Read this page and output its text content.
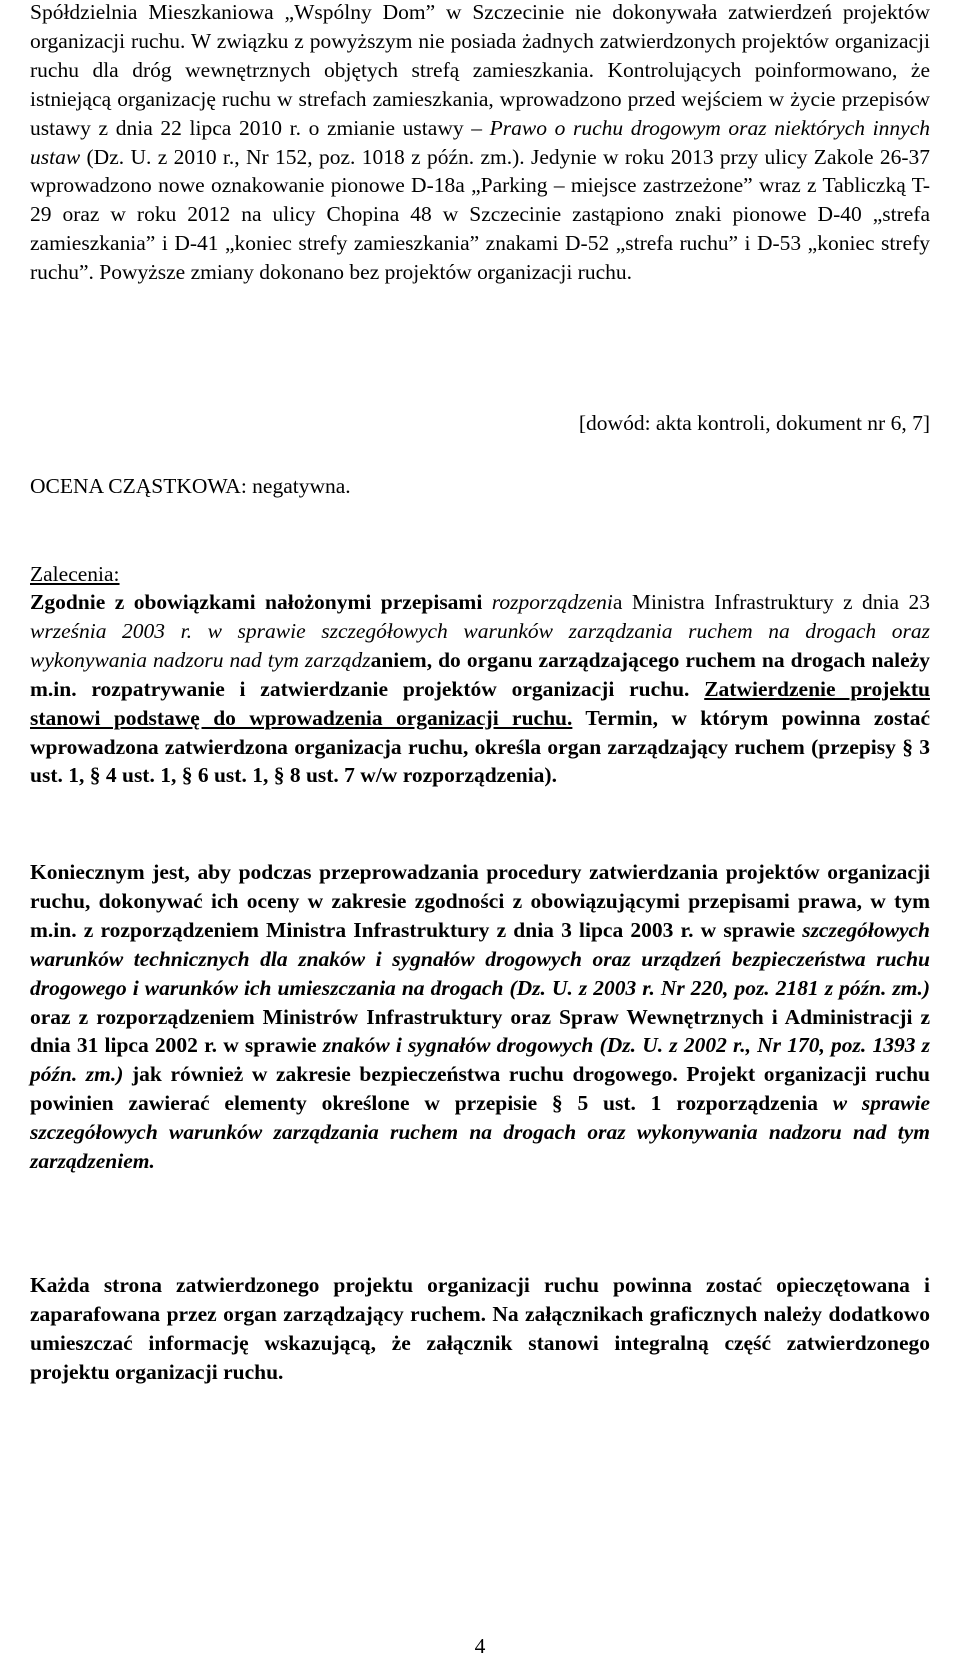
Spółdzielnia Mieszkaniowa „Wspólny Dom” w Szczecinie nie dokonywała zatwierdzeń projektów organizacji ruchu. W związku z powyższym nie posiada żadnych zatwierdzonych projektów organizacji ruchu dla dróg wewnętrznych objętych strefą zamieszkania. Kontrolujących poinformowano, że istniejącą organizację ruchu w strefach zamieszkania, wprowadzono przed wejściem w życie przepisów ustawy z dnia 22 lipca 2010 r. o zmianie ustawy – Prawo o ruchu drogowym oraz niektórych innych ustaw (Dz. U. z 2010 r., Nr 152, poz. 1018 z późn. zm.). Jedynie w roku 2013 przy ulicy Zakole 26-37 wprowadzono nowe oznakowanie pionowe D-18a „Parking – miejsce zastrzeżone” wraz z Tabliczką T-29 oraz w roku 2012 na ulicy Chopina 48 w Szczecinie zastąpiono znaki pionowe D-40 „strefa zamieszkania” i D-41 „koniec strefy zamieszkania” znakami D-52 „strefa ruchu” i D-53 „koniec strefy ruchu”. Powyższe zmiany dokonano bez projektów organizacji ruchu.

[dowód: akta kontroli, dokument nr 6, 7]

OCENA CZĄSTKOWA: negatywna.

Zalecenia:

Zgodnie z obowiązkami nałożonymi przepisami rozporządzenia Ministra Infrastruktury z dnia 23 września 2003 r. w sprawie szczegółowych warunków zarządzania ruchem na drogach oraz wykonywania nadzoru nad tym zarządzaniem, do organu zarządzającego ruchem na drogach należy m.in. rozpatrywanie i zatwierdzanie projektów organizacji ruchu. Zatwierdzenie projektu stanowi podstawę do wprowadzenia organizacji ruchu. Termin, w którym powinna zostać wprowadzona zatwierdzona organizacja ruchu, określa organ zarządzający ruchem (przepisy § 3 ust. 1, § 4 ust. 1, § 6 ust. 1, § 8 ust. 7 w/w rozporządzenia).

Koniecznym jest, aby podczas przeprowadzania procedury zatwierdzania projektów organizacji ruchu, dokonywać ich oceny w zakresie zgodności z obowiązującymi przepisami prawa, w tym m.in. z rozporządzeniem Ministra Infrastruktury z dnia 3 lipca 2003 r. w sprawie szczegółowych warunków technicznych dla znaków i sygnałów drogowych oraz urządzeń bezpieczeństwa ruchu drogowego i warunków ich umieszczania na drogach (Dz. U. z 2003 r. Nr 220, poz. 2181 z późn. zm.) oraz z rozporządzeniem Ministrów Infrastruktury oraz Spraw Wewnętrznych i Administracji z dnia 31 lipca 2002 r. w sprawie znaków i sygnałów drogowych (Dz. U. z 2002 r., Nr 170, poz. 1393 z późn. zm.) jak również w zakresie bezpieczeństwa ruchu drogowego. Projekt organizacji ruchu powinien zawierać elementy określone w przepisie § 5 ust. 1 rozporządzenia w sprawie szczegółowych warunków zarządzania ruchem na drogach oraz wykonywania nadzoru nad tym zarządzeniem.

Każda strona zatwierdzonego projektu organizacji ruchu powinna zostać opieczętowana i zaparafowana przez organ zarządzający ruchem. Na załącznikach graficznych należy dodatkowo umieszczać informację wskazującą, że załącznik stanowi integralną część zatwierdzonego projektu organizacji ruchu.

4
